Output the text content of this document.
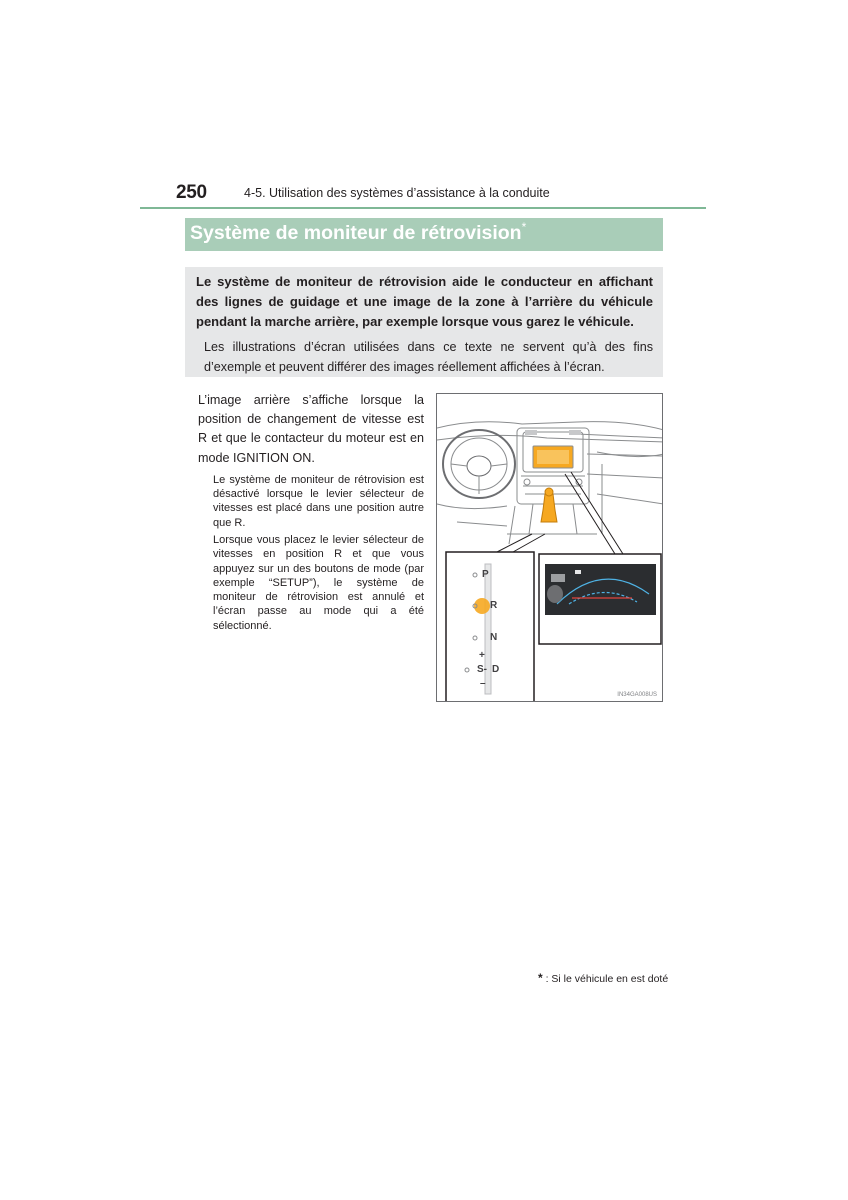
250	4-5. Utilisation des systèmes d’assistance à la conduite
Système de moniteur de rétrovision*

Le système de moniteur de rétrovision aide le conducteur en affichant des lignes de guidage et une image de la zone à l’arrière du véhicule pendant la marche arrière, par exemple lorsque vous garez le véhicule.

Les illustrations d’écran utilisées dans ce texte ne servent qu’à des fins d’exemple et peuvent différer des images réellement affichées à l’écran.

L’image arrière s’affiche lorsque la position de changement de vitesse est R et que le contacteur du moteur est en mode IGNITION ON.

Le système de moniteur de rétrovision est désactivé lorsque le levier sélecteur de vitesses est placé dans une position autre que R.

Lorsque vous placez le levier sélecteur de vitesses en position R et que vous appuyez sur un des boutons de mode (par exemple “SETUP”), le système de moniteur de rétrovision est annulé et l’écran passe au mode qui a été sélectionné.

P
R
N
+
S- D
–
IN34GA008US
* : Si le véhicule en est doté
